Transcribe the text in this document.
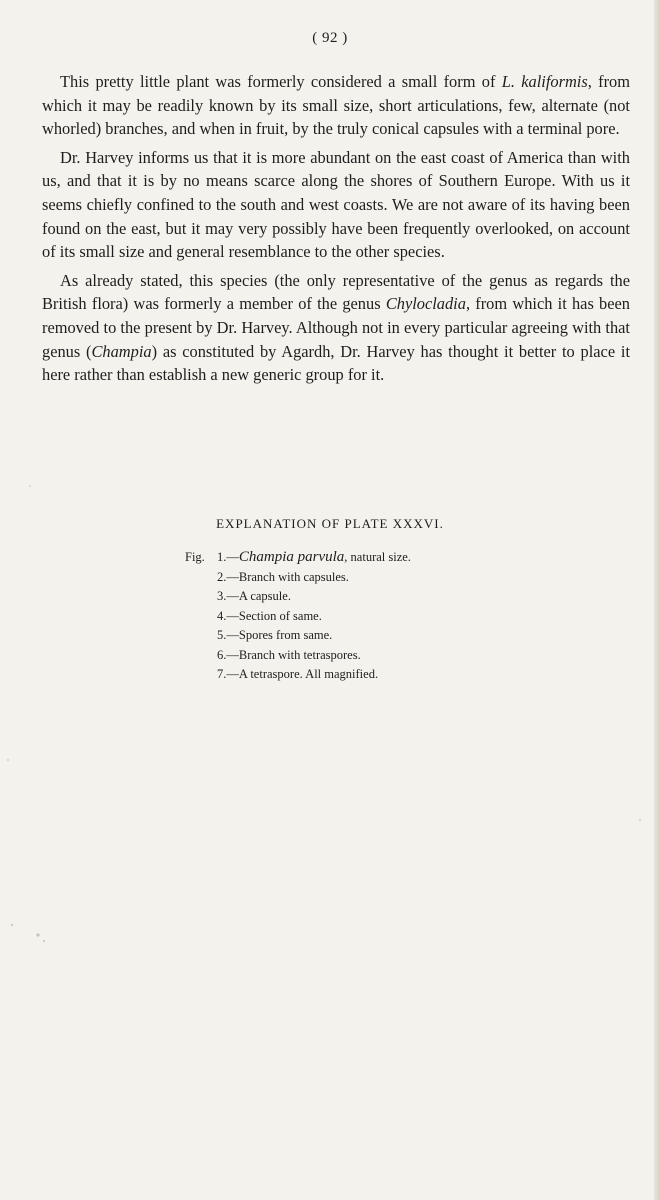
( 92 )

This pretty little plant was formerly considered a small form of L. kaliformis, from which it may be readily known by its small size, short articulations, few, alternate (not whorled) branches, and when in fruit, by the truly conical capsules with a terminal pore.

Dr. Harvey informs us that it is more abundant on the east coast of America than with us, and that it is by no means scarce along the shores of Southern Europe. With us it seems chiefly confined to the south and west coasts. We are not aware of its having been found on the east, but it may very possibly have been frequently overlooked, on account of its small size and general resemblance to the other species.

As already stated, this species (the only representative of the genus as regards the British flora) was formerly a member of the genus Chylocladia, from which it has been removed to the present by Dr. Harvey. Although not in every particular agreeing with that genus (Champia) as constituted by Agardh, Dr. Harvey has thought it better to place it here rather than establish a new generic group for it.

EXPLANATION OF PLATE XXXVI.
Fig. 1.—Champia parvula, natural size.
2.—Branch with capsules.
3.—A capsule.
4.—Section of same.
5.—Spores from same.
6.—Branch with tetraspores.
7.—A tetraspore. All magnified.
